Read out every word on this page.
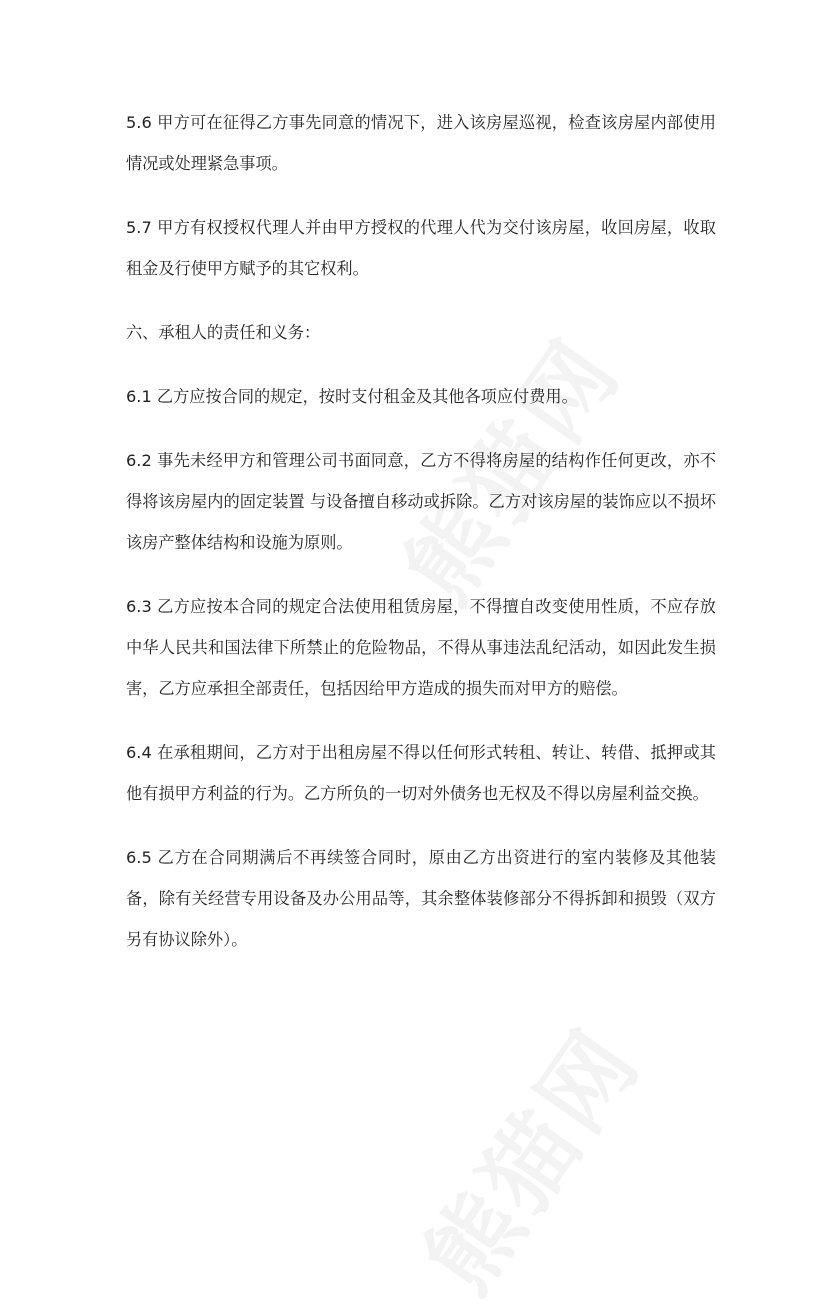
5.6 甲方可在征得乙方事先同意的情况下，进入该房屋巡视，检查该房屋内部使用情况或处理紧急事项。

5.7 甲方有权授权代理人并由甲方授权的代理人代为交付该房屋，收回房屋，收取租金及行使甲方赋予的其它权利。

六、承租人的责任和义务：

6.1 乙方应按合同的规定，按时支付租金及其他各项应付费用。

6.2 事先未经甲方和管理公司书面同意，乙方不得将房屋的结构作任何更改，亦不得将该房屋内的固定装置 与设备擅自移动或拆除。乙方对该房屋的装饰应以不损坏该房产整体结构和设施为原则。

6.3 乙方应按本合同的规定合法使用租赁房屋，不得擅自改变使用性质，不应存放中华人民共和国法律下所禁止的危险物品，不得从事违法乱纪活动，如因此发生损害，乙方应承担全部责任，包括因给甲方造成的损失而对甲方的赔偿。

6.4 在承租期间，乙方对于出租房屋不得以任何形式转租、转让、转借、抵押或其他有损甲方利益的行为。乙方所负的一切对外债务也无权及不得以房屋利益交换。

6.5 乙方在合同期满后不再续签合同时，原由乙方出资进行的室内装修及其他装备，除有关经营专用设备及办公用品等，其余整体装修部分不得拆卸和损毁（双方另有协议除外）。
